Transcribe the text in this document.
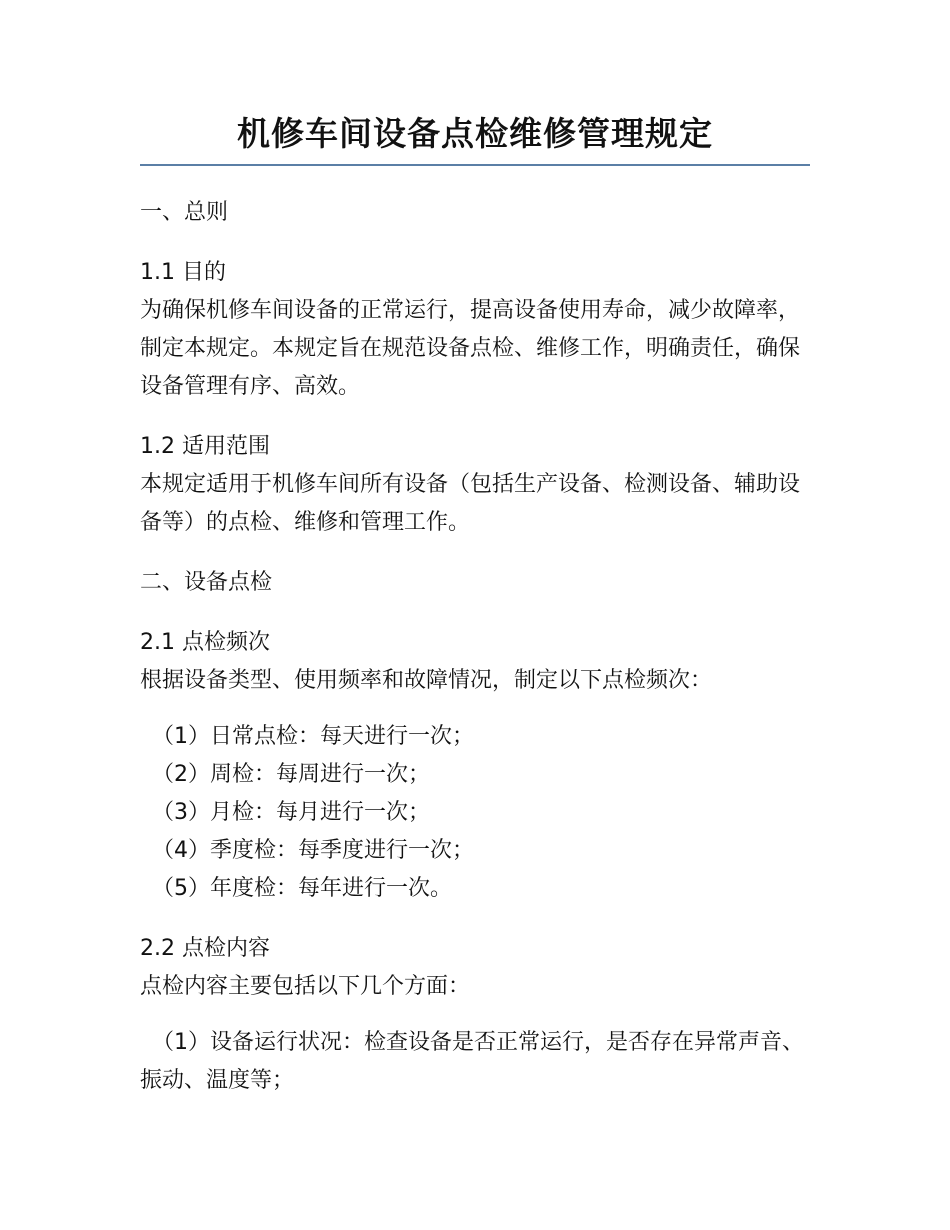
机修车间设备点检维修管理规定

一、总则

1.1 目的

为确保机修车间设备的正常运行，提高设备使用寿命，减少故障率，制定本规定。本规定旨在规范设备点检、维修工作，明确责任，确保设备管理有序、高效。

1.2 适用范围

本规定适用于机修车间所有设备（包括生产设备、检测设备、辅助设备等）的点检、维修和管理工作。

二、设备点检

2.1 点检频次

根据设备类型、使用频率和故障情况，制定以下点检频次：

（1）日常点检：每天进行一次；
（2）周检：每周进行一次；
（3）月检：每月进行一次；
（4）季度检：每季度进行一次；
（5）年度检：每年进行一次。

2.2 点检内容

点检内容主要包括以下几个方面：

（1）设备运行状况：检查设备是否正常运行，是否存在异常声音、振动、温度等；
